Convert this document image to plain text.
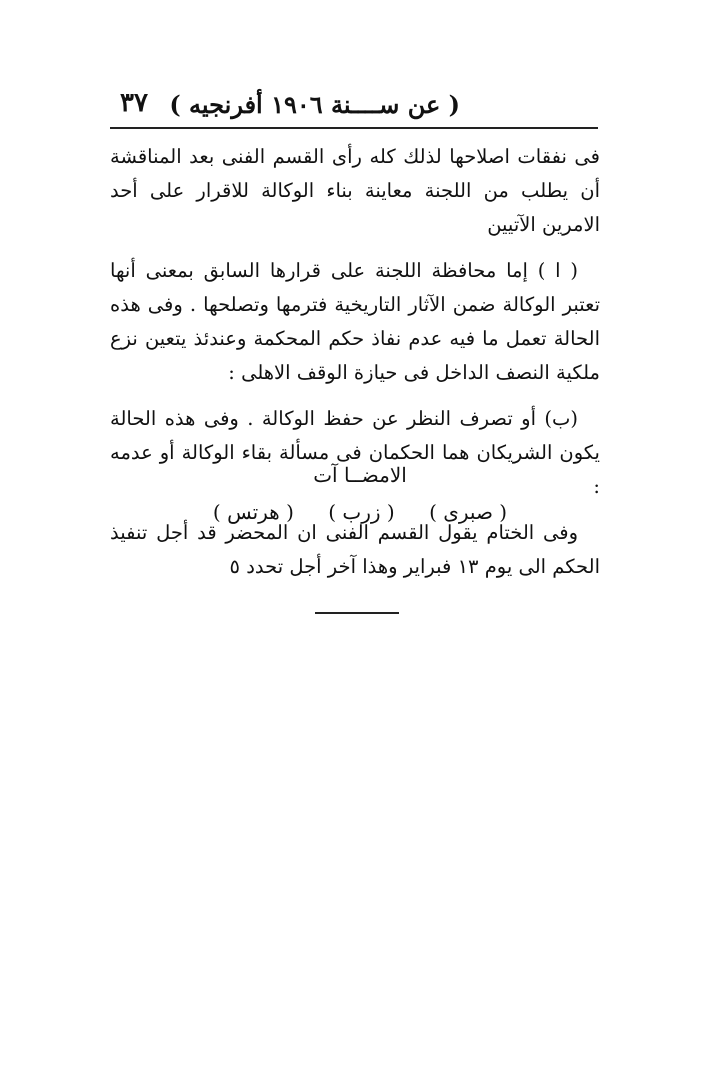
( عن ســــنة ١٩٠٦ أفرنجيه )
٣٧

فى نفقات اصلاحها لذلك كله رأى القسم الفنى بعد المناقشة أن يطلب من اللجنة معاينة بناء الوكالة للاقرار على أحد الامرين الآتيين

( ا ) إما محافظة اللجنة على قرارها السابق بمعنى أنها تعتبر الوكالة ضمن الآثار التاريخية فترمها وتصلحها . وفى هذه الحالة تعمل ما فيه عدم نفاذ حكم المحكمة وعندئذ يتعين نزع ملكية النصف الداخل فى حيازة الوقف الاهلى :

(ب) أو تصرف النظر عن حفظ الوكالة . وفى هذه الحالة يكون الشريكان هما الحكمان فى مسألة بقاء الوكالة أو عدمه :

وفى الختام يقول القسم الفنى ان المحضر قد أجل تنفيذ الحكم الى يوم ١٣ فبراير وهذا آخر أجل تحدد ٥

الامضــا آت
( صبرى ) ( زرب ) ( هرتس )
